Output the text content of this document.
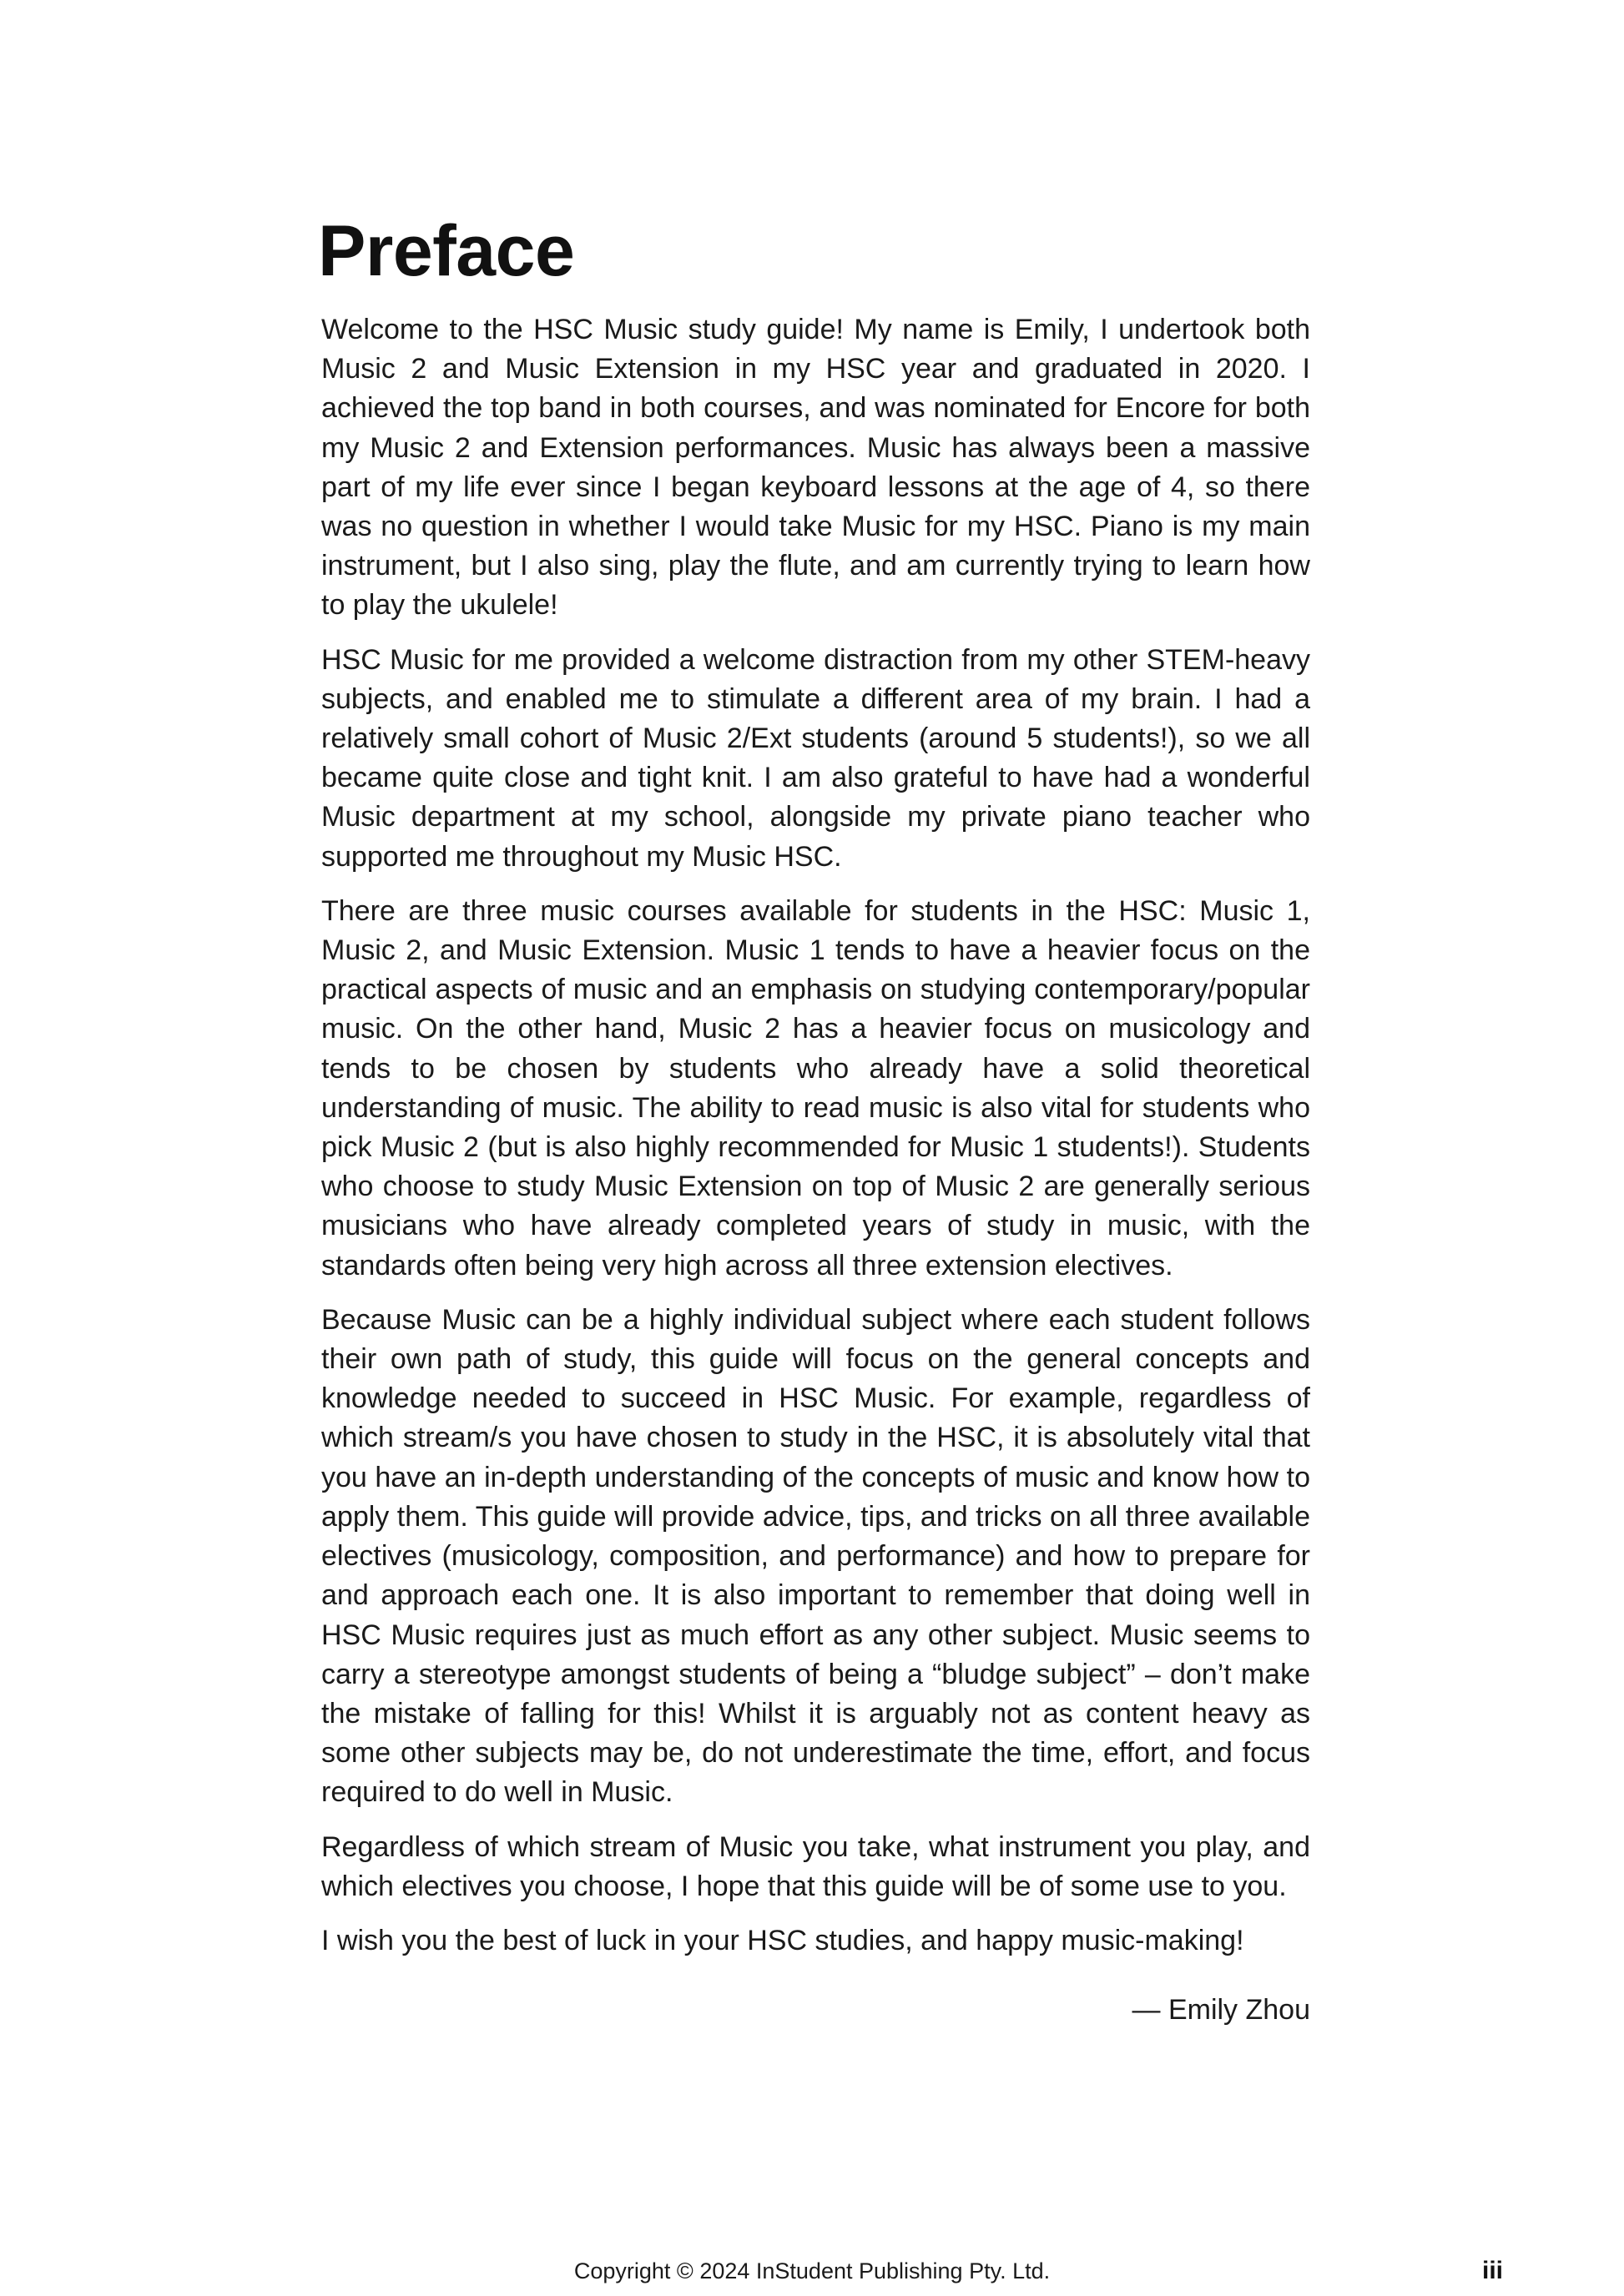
Preface

Welcome to the HSC Music study guide! My name is Emily, I undertook both Music 2 and Music Extension in my HSC year and graduated in 2020. I achieved the top band in both courses, and was nominated for Encore for both my Music 2 and Extension performances. Music has always been a massive part of my life ever since I began keyboard lessons at the age of 4, so there was no question in whether I would take Music for my HSC. Piano is my main instrument, but I also sing, play the flute, and am currently trying to learn how to play the ukulele!

HSC Music for me provided a welcome distraction from my other STEM-heavy subjects, and enabled me to stimulate a different area of my brain. I had a relatively small cohort of Music 2/Ext students (around 5 students!), so we all became quite close and tight knit. I am also grateful to have had a wonderful Music department at my school, alongside my private piano teacher who supported me throughout my Music HSC.

There are three music courses available for students in the HSC: Music 1, Music 2, and Music Extension. Music 1 tends to have a heavier focus on the practical aspects of music and an emphasis on studying contemporary/popular music. On the other hand, Music 2 has a heavier focus on musicology and tends to be chosen by students who already have a solid theoretical understanding of music. The ability to read music is also vital for students who pick Music 2 (but is also highly recommended for Music 1 students!). Students who choose to study Music Extension on top of Music 2 are generally serious musicians who have already completed years of study in music, with the standards often being very high across all three extension electives.

Because Music can be a highly individual subject where each student follows their own path of study, this guide will focus on the general concepts and knowledge needed to succeed in HSC Music. For example, regardless of which stream/s you have chosen to study in the HSC, it is absolutely vital that you have an in-depth understanding of the concepts of music and know how to apply them. This guide will provide advice, tips, and tricks on all three available electives (musicology, composition, and performance) and how to prepare for and approach each one. It is also important to remember that doing well in HSC Music requires just as much effort as any other subject. Music seems to carry a stereotype amongst students of being a “bludge subject” – don’t make the mistake of falling for this! Whilst it is arguably not as content heavy as some other subjects may be, do not underestimate the time, effort, and focus required to do well in Music.

Regardless of which stream of Music you take, what instrument you play, and which electives you choose, I hope that this guide will be of some use to you.

I wish you the best of luck in your HSC studies, and happy music-making!

— Emily Zhou
Copyright © 2024 InStudent Publishing Pty. Ltd.	iii
